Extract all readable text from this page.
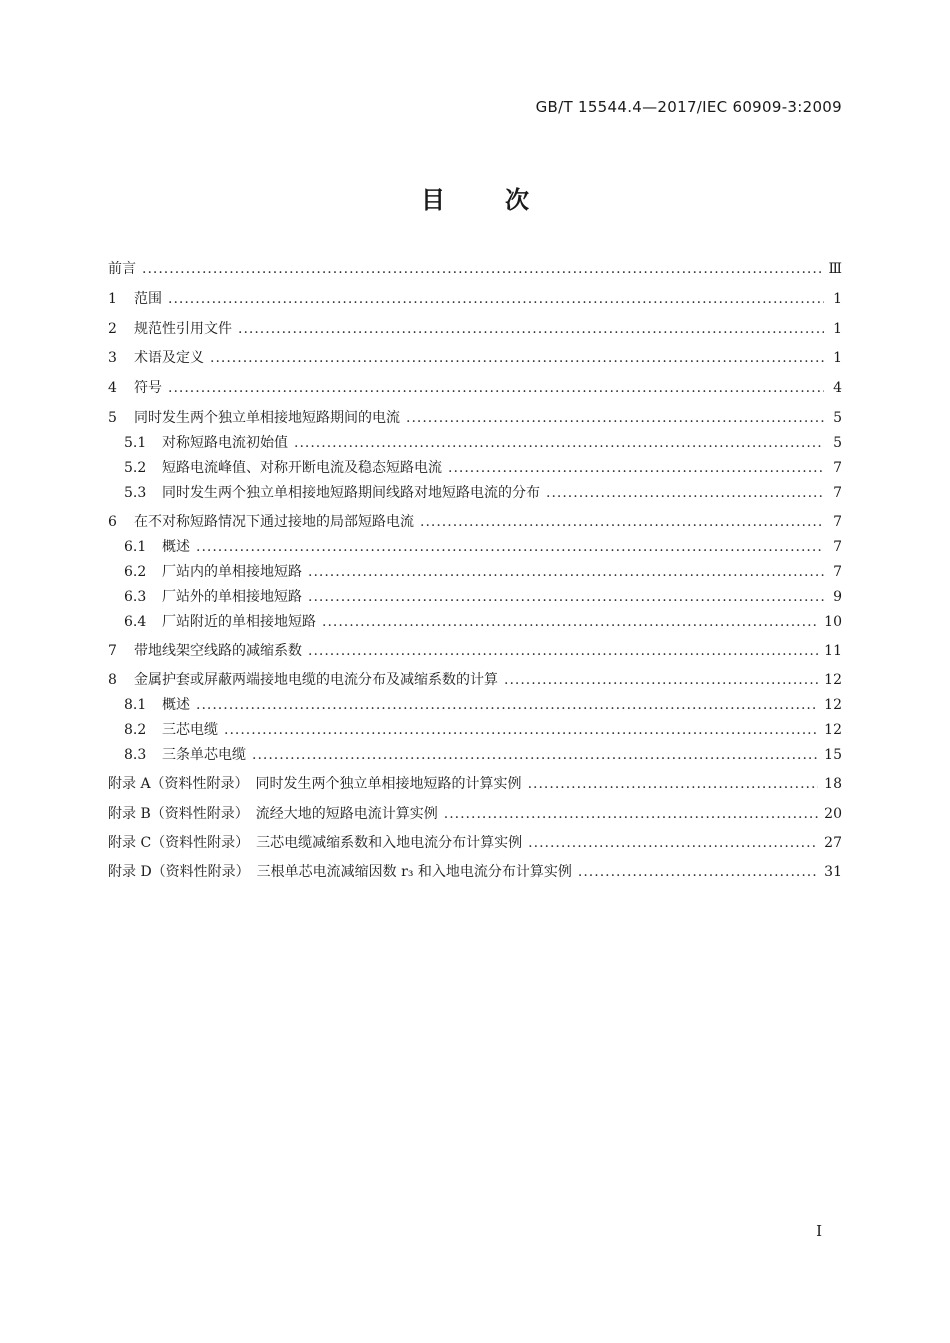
GB/T 15544.4—2017/IEC 60909-3:2009
目次
前言 .....	Ⅲ
1	范围 .....	1
2	规范性引用文件 .....	1
3	术语及定义 .....	1
4	符号 .....	4
5	同时发生两个独立单相接地短路期间的电流 .....	5
5.1	对称短路电流初始值 .....	5
5.2	短路电流峰值、对称开断电流及稳态短路电流 .....	7
5.3	同时发生两个独立单相接地短路期间线路对地短路电流的分布 .....	7
6	在不对称短路情况下通过接地的局部短路电流 .....	7
6.1	概述 .....	7
6.2	厂站内的单相接地短路 .....	7
6.3	厂站外的单相接地短路 .....	9
6.4	厂站附近的单相接地短路 .....	10
7	带地线架空线路的减缩系数 .....	11
8	金属护套或屏蔽两端接地电缆的电流分布及减缩系数的计算 .....	12
8.1	概述 .....	12
8.2	三芯电缆 .....	12
8.3	三条单芯电缆 .....	15
附录 A（资料性附录）　同时发生两个独立单相接地短路的计算实例 .....	18
附录 B（资料性附录）　流经大地的短路电流计算实例 .....	20
附录 C（资料性附录）　三芯电缆减缩系数和入地电流分布计算实例 .....	27
附录 D（资料性附录）　三根单芯电流减缩因数 r₃ 和入地电流分布计算实例 .....	31
I
